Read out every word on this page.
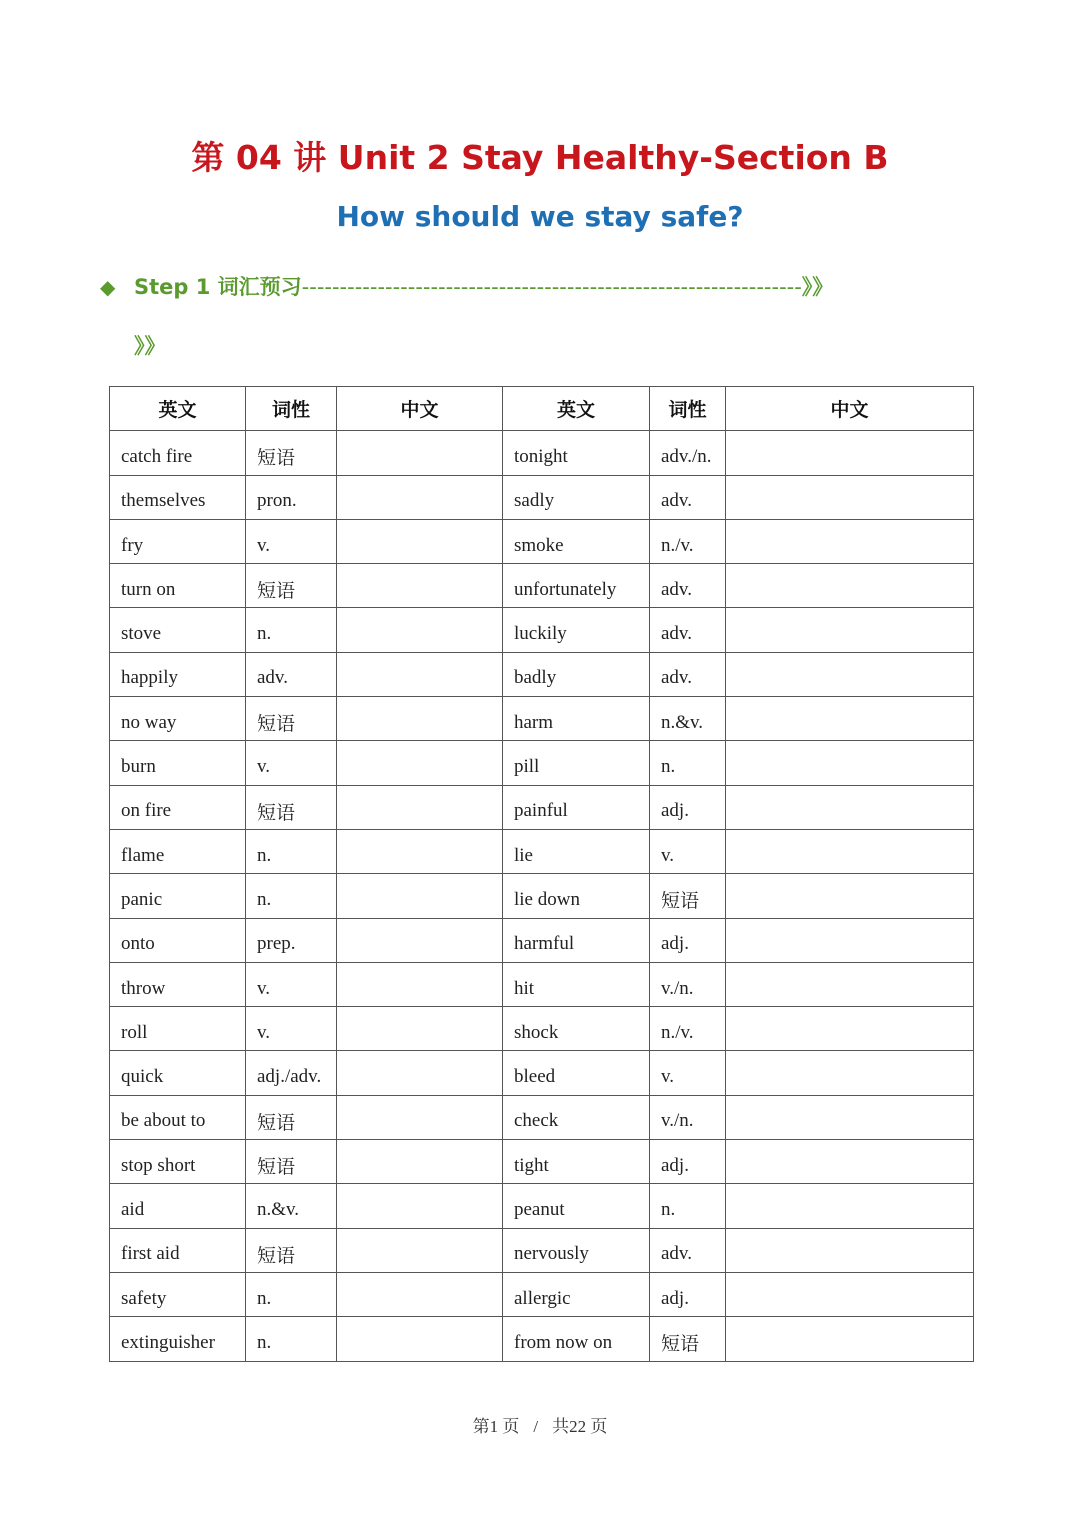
第 04 讲 Unit 2 Stay Healthy-Section B
How should we stay safe?
◆ Step 1 词汇预习------------------------------------------------------------------》》
》》
英文	词性	中文	英文	词性	中文
catch fire	短语		tonight	adv./n.	
themselves	pron.		sadly	adv.	
fry	v.		smoke	n./v.	
turn on	短语		unfortunately	adv.	
stove	n.		luckily	adv.	
happily	adv.		badly	adv.	
no way	短语		harm	n.&v.	
burn	v.		pill	n.	
on fire	短语		painful	adj.	
flame	n.		lie	v.	
panic	n.		lie down	短语	
onto	prep.		harmful	adj.	
throw	v.		hit	v./n.	
roll	v.		shock	n./v.	
quick	adj./adv.		bleed	v.	
be about to	短语		check	v./n.	
stop short	短语		tight	adj.	
aid	n.&v.		peanut	n.	
first aid	短语		nervously	adv.	
safety	n.		allergic	adj.	
extinguisher	n.		from now on	短语	
第1 页 / 共22 页
